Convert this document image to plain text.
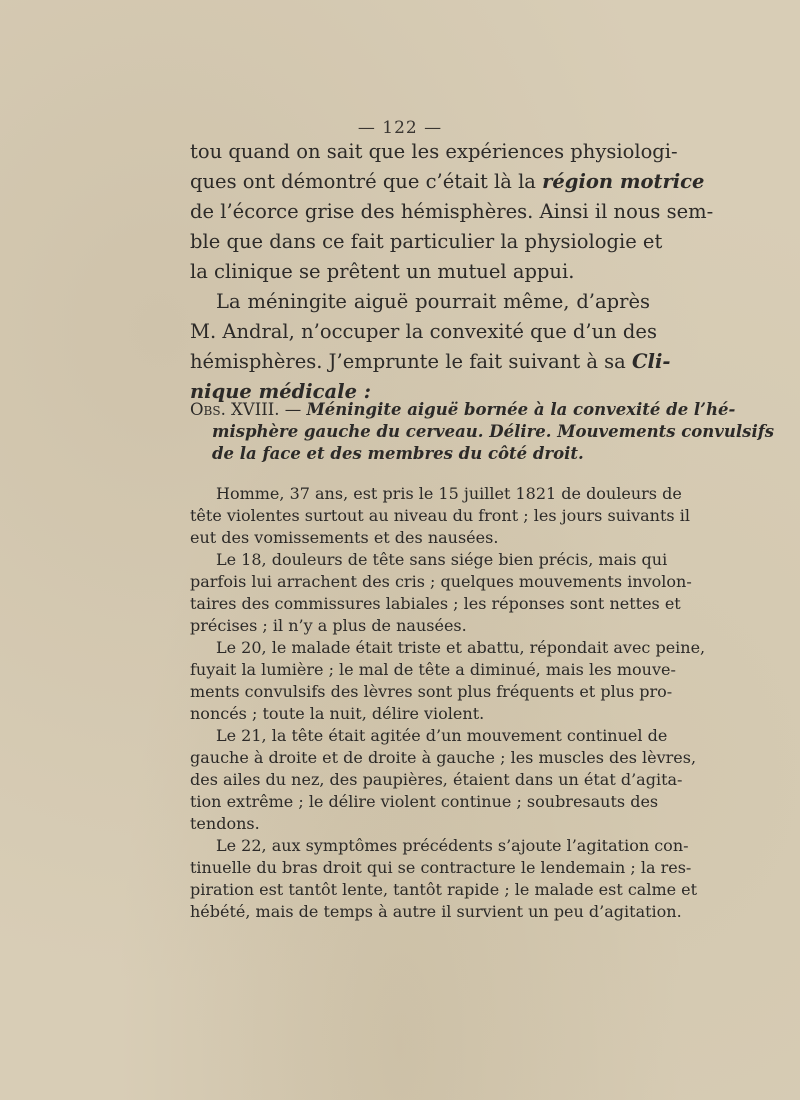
— 122 —
tou quand on sait que les expériences physiologi-
ques ont démontré que c’était là la région motrice
de l’écorce grise des hémisphères. Ainsi il nous sem-
ble que dans ce fait particulier la physiologie et
la clinique se prêtent un mutuel appui.
La méningite aiguë pourrait même, d’après
M. Andral, n’occuper la convexité que d’un des
hémisphères. J’emprunte le fait suivant à sa Cli-
nique médicale :
Obs. XVIII. — Méningite aiguë bornée à la convexité de l’hé-
misphère gauche du cerveau. Délire. Mouvements convulsifs
de la face et des membres du côté droit.
Homme, 37 ans, est pris le 15 juillet 1821 de douleurs de
tête violentes surtout au niveau du front ; les jours suivants il
eut des vomissements et des nausées.
Le 18, douleurs de tête sans siége bien précis, mais qui
parfois lui arrachent des cris ; quelques mouvements involon-
taires des commissures labiales ; les réponses sont nettes et
précises ; il n’y a plus de nausées.
Le 20, le malade était triste et abattu, répondait avec peine,
fuyait la lumière ; le mal de tête a diminué, mais les mouve-
ments convulsifs des lèvres sont plus fréquents et plus pro-
noncés ; toute la nuit, délire violent.
Le 21, la tête était agitée d’un mouvement continuel de
gauche à droite et de droite à gauche ; les muscles des lèvres,
des ailes du nez, des paupières, étaient dans un état d’agita-
tion extrême ; le délire violent continue ; soubresauts des
tendons.
Le 22, aux symptômes précédents s’ajoute l’agitation con-
tinuelle du bras droit qui se contracture le lendemain ; la res-
piration est tantôt lente, tantôt rapide ; le malade est calme et
hébété, mais de temps à autre il survient un peu d’agitation.
